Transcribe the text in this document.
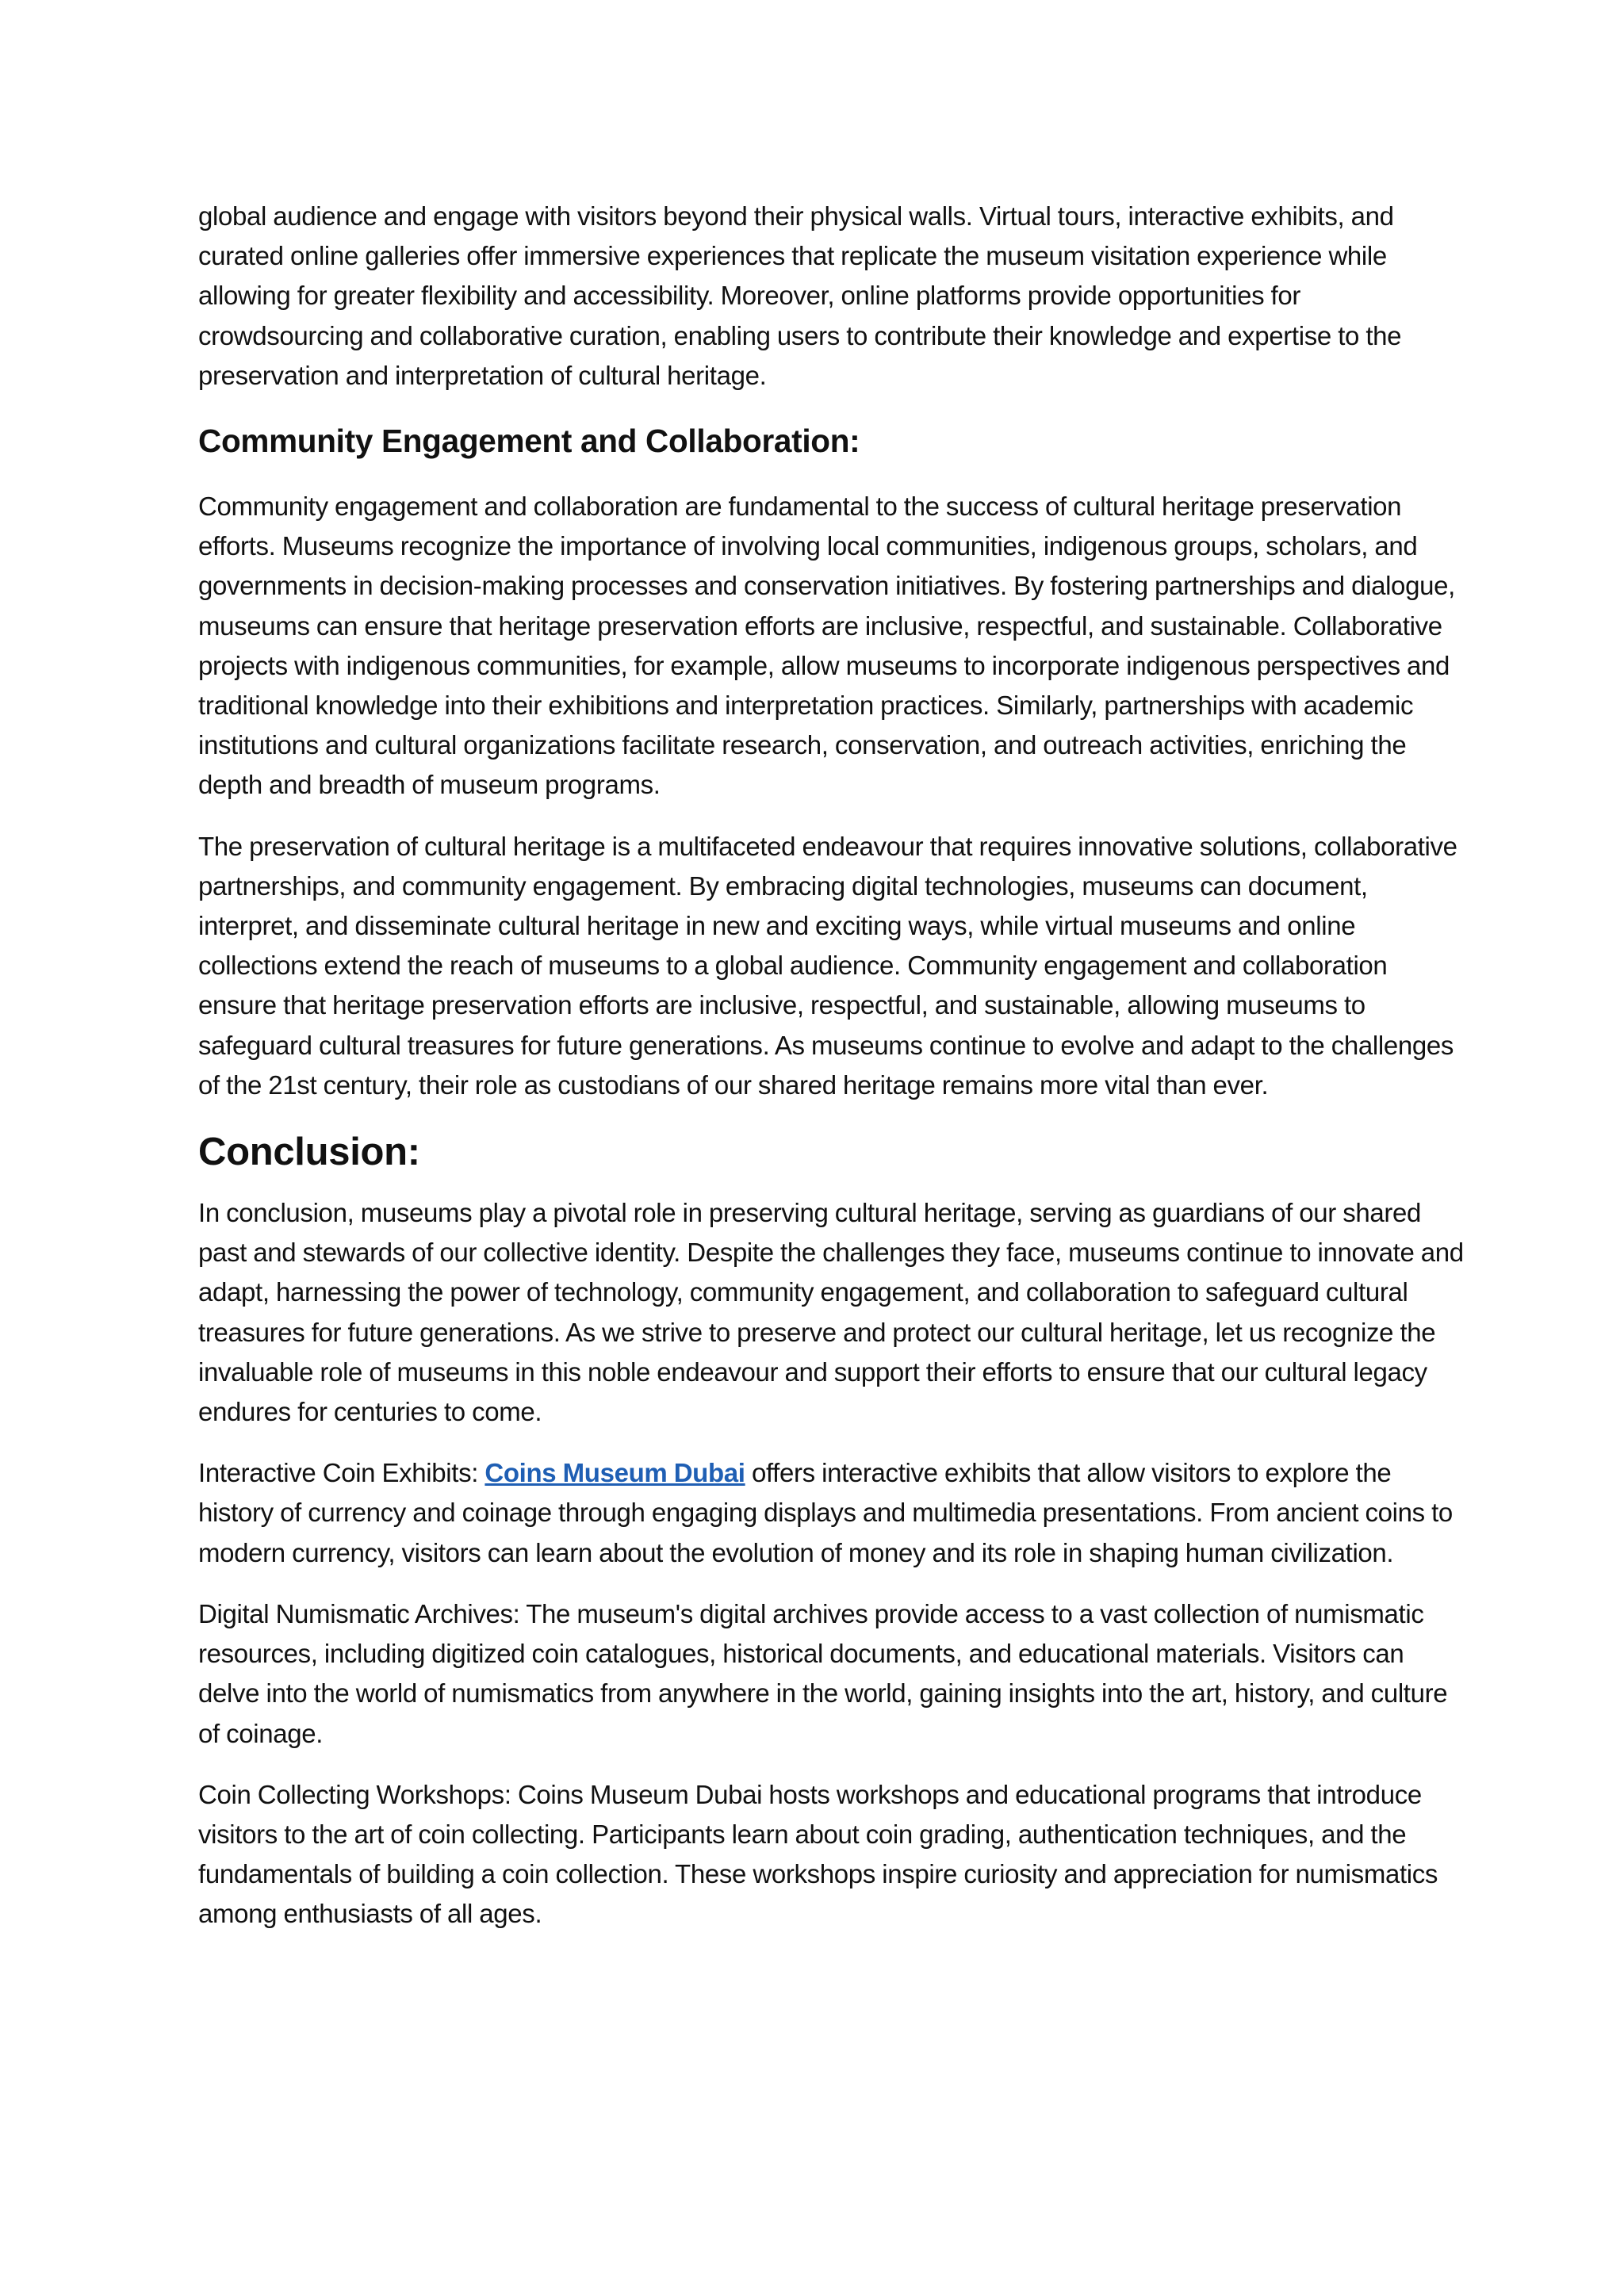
global audience and engage with visitors beyond their physical walls. Virtual tours, interactive exhibits, and curated online galleries offer immersive experiences that replicate the museum visitation experience while allowing for greater flexibility and accessibility. Moreover, online platforms provide opportunities for crowdsourcing and collaborative curation, enabling users to contribute their knowledge and expertise to the preservation and interpretation of cultural heritage.

Community Engagement and Collaboration:

Community engagement and collaboration are fundamental to the success of cultural heritage preservation efforts. Museums recognize the importance of involving local communities, indigenous groups, scholars, and governments in decision-making processes and conservation initiatives. By fostering partnerships and dialogue, museums can ensure that heritage preservation efforts are inclusive, respectful, and sustainable. Collaborative projects with indigenous communities, for example, allow museums to incorporate indigenous perspectives and traditional knowledge into their exhibitions and interpretation practices. Similarly, partnerships with academic institutions and cultural organizations facilitate research, conservation, and outreach activities, enriching the depth and breadth of museum programs.

The preservation of cultural heritage is a multifaceted endeavour that requires innovative solutions, collaborative partnerships, and community engagement. By embracing digital technologies, museums can document, interpret, and disseminate cultural heritage in new and exciting ways, while virtual museums and online collections extend the reach of museums to a global audience. Community engagement and collaboration ensure that heritage preservation efforts are inclusive, respectful, and sustainable, allowing museums to safeguard cultural treasures for future generations. As museums continue to evolve and adapt to the challenges of the 21st century, their role as custodians of our shared heritage remains more vital than ever.

Conclusion:

In conclusion, museums play a pivotal role in preserving cultural heritage, serving as guardians of our shared past and stewards of our collective identity. Despite the challenges they face, museums continue to innovate and adapt, harnessing the power of technology, community engagement, and collaboration to safeguard cultural treasures for future generations. As we strive to preserve and protect our cultural heritage, let us recognize the invaluable role of museums in this noble endeavour and support their efforts to ensure that our cultural legacy endures for centuries to come.

Interactive Coin Exhibits: Coins Museum Dubai offers interactive exhibits that allow visitors to explore the history of currency and coinage through engaging displays and multimedia presentations. From ancient coins to modern currency, visitors can learn about the evolution of money and its role in shaping human civilization.

Digital Numismatic Archives: The museum's digital archives provide access to a vast collection of numismatic resources, including digitized coin catalogues, historical documents, and educational materials. Visitors can delve into the world of numismatics from anywhere in the world, gaining insights into the art, history, and culture of coinage.

Coin Collecting Workshops: Coins Museum Dubai hosts workshops and educational programs that introduce visitors to the art of coin collecting. Participants learn about coin grading, authentication techniques, and the fundamentals of building a coin collection. These workshops inspire curiosity and appreciation for numismatics among enthusiasts of all ages.
